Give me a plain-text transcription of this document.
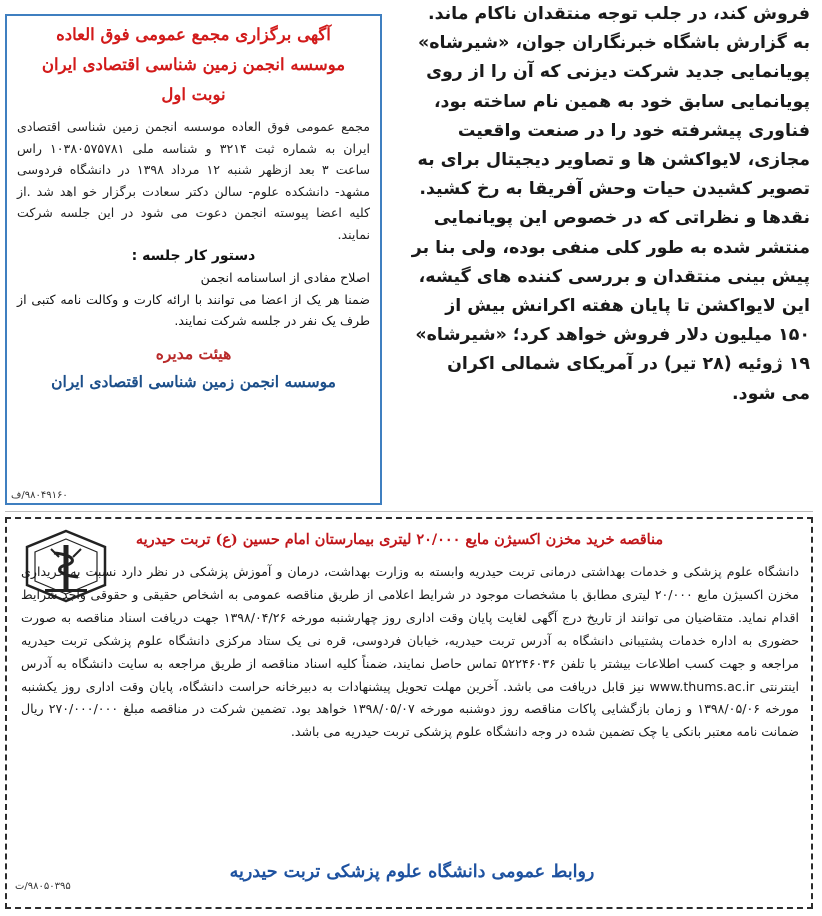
فروش کند، در جلب توجه منتقدان ناکام ماند.

به گزارش باشگاه خبرنگاران جوان، «شیرشاه»

پویانمایی جدید شرکت دیزنی که آن را از روی

پویانمایی سابق خود به همین نام ساخته بود،

فناوری پیشرفته خود را در صنعت واقعیت

مجازی، لایواکشن ها و تصاویر دیجیتال برای به

تصویر کشیدن حیات وحش آفریقا به رخ کشید.

نقدها و نظراتی که در خصوص این پویانمایی

منتشر شده به طور کلی منفی بوده، ولی بنا بر

پیش بینی منتقدان و بررسی کننده های گیشه،

این لایواکشن تا پایان هفته اکرانش بیش از

۱۵۰ میلیون دلار فروش خواهد کرد؛ «شیرشاه»

۱۹ ژوئیه (۲۸ تیر) در آمریکای شمالی اکران

می شود.

آگهی برگزاری مجمع عمومی فوق العاده

موسسه انجمن زمین شناسی اقتصادی ایران

نوبت اول

مجمع عمومی فوق العاده موسسه انجمن زمین شناسی اقتصادی ایران به شماره ثبت ۳۲۱۴ و شناسه ملی ۱۰۳۸۰۵۷۵۷۸۱ راس ساعت ۳ بعد ازظهر شنبه ۱۲ مرداد ۱۳۹۸ در دانشگاه فردوسی مشهد- دانشکده علوم- سالن دکتر سعادت برگزار خو اهد شد .از کلیه اعضا پیوسته انجمن دعوت می شود در این جلسه شرکت نمایند.

دستور کار جلسه :

اصلاح مفادی از اساسنامه انجمن

ضمنا هر یک از اعضا می توانند با ارائه کارت و وکالت نامه کتبی از طرف یک نفر در جلسه شرکت نمایند.

هیئت مدیره

موسسه انجمن زمین شناسی اقتصادی ایران

۹۸۰۴۹۱۶۰/ف
مناقصه خرید مخزن اکسیژن مایع ۲۰/۰۰۰ لیتری بیمارستان امام حسین (ع) تربت حیدریه
دانشگاه علوم پزشکی و خدمات بهداشتی درمانی تربت حیدریه وابسته به وزارت بهداشت، درمان و آموزش پزشکی در نظر دارد نسبت به خریداری مخزن اکسیژن مایع ۲۰/۰۰۰ لیتری مطابق با مشخصات موجود در شرایط اعلامی از طریق مناقصه عمومی به اشخاص حقیقی و حقوقی واجد شرایط اقدام نماید. متقاضیان می توانند از تاریخ درج آگهی لغایت پایان وقت اداری روز چهارشنبه مورخه ۱۳۹۸/۰۴/۲۶ جهت دریافت اسناد مناقصه به صورت حضوری به اداره خدمات پشتیبانی دانشگاه به آدرس تربت حیدریه، خیابان فردوسی، قره نی یک ستاد مرکزی دانشگاه علوم پزشکی تربت حیدریه مراجعه و جهت کسب اطلاعات بیشتر با تلفن ۵۲۲۴۶۰۳۶ تماس حاصل نمایند، ضمناً کلیه اسناد مناقصه از طریق مراجعه به سایت دانشگاه به آدرس اینترنتی www.thums.ac.ir نیز قابل دریافت می باشد. آخرین مهلت تحویل پیشنهادات به دبیرخانه حراست دانشگاه، پایان وقت اداری روز یکشنبه مورخه ۱۳۹۸/۰۵/۰۶ و زمان بازگشایی پاکات مناقصه روز دوشنبه مورخه ۱۳۹۸/۰۵/۰۷ خواهد بود. تضمین شرکت در مناقصه مبلغ ۲۷۰/۰۰۰/۰۰۰ ریال ضمانت نامه معتبر بانکی یا چک تضمین شده در وجه دانشگاه علوم پزشکی تربت حیدریه می باشد.
روابط عمومی دانشگاه علوم پزشکی تربت حیدریه
۹۸۰۵۰۳۹۵/ت
